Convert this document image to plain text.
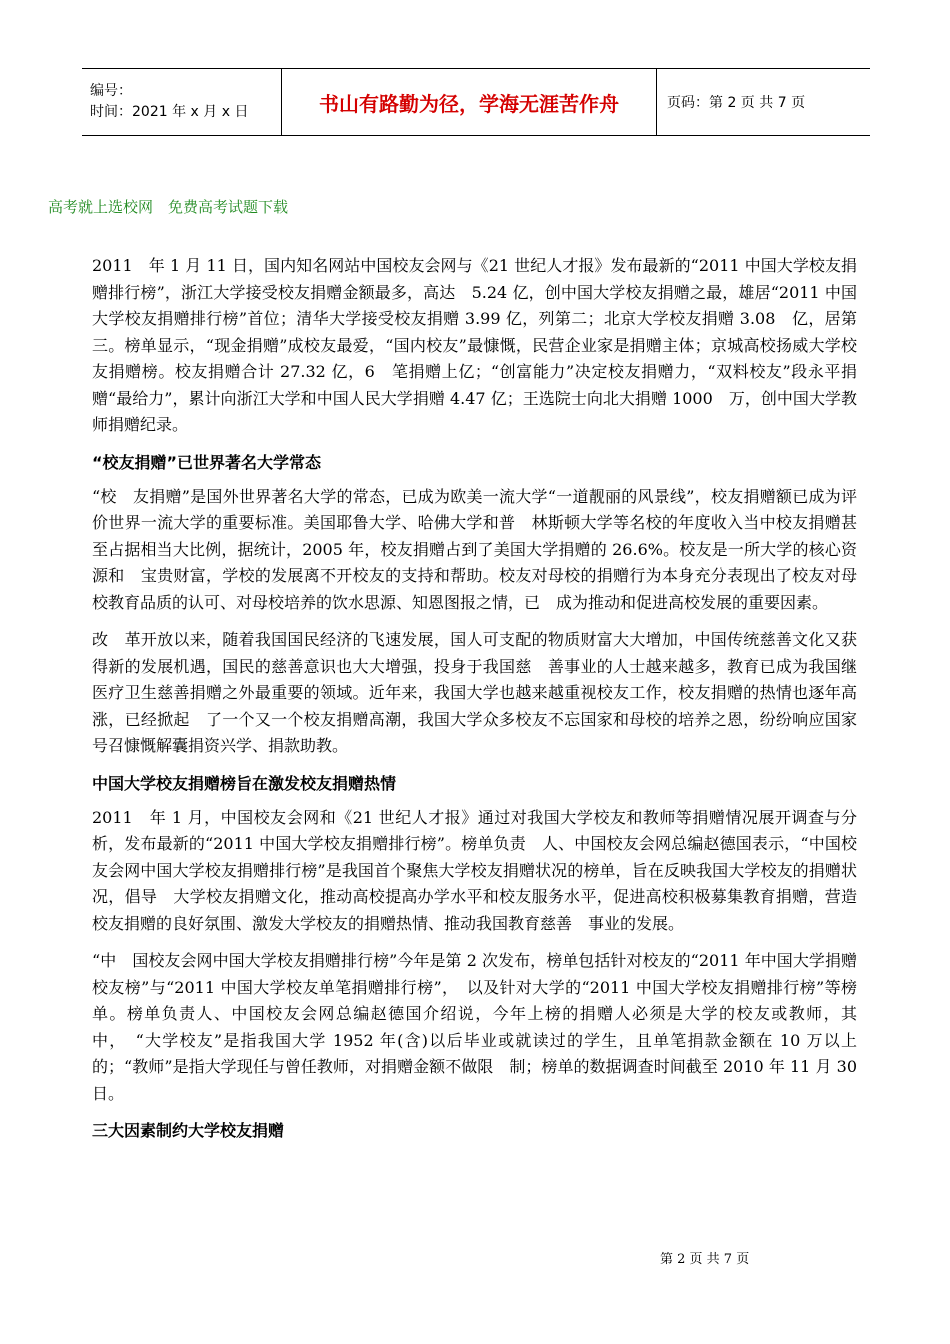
编号：
时间：2021 年 x 月 x 日	书山有路勤为径，学海无涯苦作舟	页码：第 2 页 共 7 页
高考就上选校网　免费高考试题下载

2011　年 1 月 11 日，国内知名网站中国校友会网与《21 世纪人才报》发布最新的“2011 中国大学校友捐赠排行榜”，浙江大学接受校友捐赠金额最多，高达　5.24 亿，创中国大学校友捐赠之最，雄居“2011 中国大学校友捐赠排行榜”首位；清华大学接受校友捐赠 3.99 亿，列第二；北京大学校友捐赠 3.08　亿，居第三。榜单显示，“现金捐赠”成校友最爱，“国内校友”最慷慨，民营企业家是捐赠主体；京城高校扬威大学校友捐赠榜。校友捐赠合计 27.32 亿，6　笔捐赠上亿；“创富能力”决定校友捐赠力，“双料校友”段永平捐赠“最给力”，累计向浙江大学和中国人民大学捐赠 4.47 亿；王选院士向北大捐赠 1000　万，创中国大学教师捐赠纪录。

“校友捐赠”已世界著名大学常态

“校　友捐赠”是国外世界著名大学的常态，已成为欧美一流大学“一道靓丽的风景线”，校友捐赠额已成为评价世界一流大学的重要标准。美国耶鲁大学、哈佛大学和普　林斯顿大学等名校的年度收入当中校友捐赠甚至占据相当大比例，据统计，2005 年，校友捐赠占到了美国大学捐赠的 26.6%。校友是一所大学的核心资源和　宝贵财富，学校的发展离不开校友的支持和帮助。校友对母校的捐赠行为本身充分表现出了校友对母校教育品质的认可、对母校培养的饮水思源、知恩图报之情，已　成为推动和促进高校发展的重要因素。

改　革开放以来，随着我国国民经济的飞速发展，国人可支配的物质财富大大增加，中国传统慈善文化又获得新的发展机遇，国民的慈善意识也大大增强，投身于我国慈　善事业的人士越来越多，教育已成为我国继医疗卫生慈善捐赠之外最重要的领域。近年来，我国大学也越来越重视校友工作，校友捐赠的热情也逐年高涨，已经掀起　了一个又一个校友捐赠高潮，我国大学众多校友不忘国家和母校的培养之恩，纷纷响应国家号召慷慨解囊捐资兴学、捐款助教。

中国大学校友捐赠榜旨在激发校友捐赠热情

2011　年 1 月，中国校友会网和《21 世纪人才报》通过对我国大学校友和教师等捐赠情况展开调查与分析，发布最新的“2011 中国大学校友捐赠排行榜”。榜单负责　人、中国校友会网总编赵德国表示，“中国校友会网中国大学校友捐赠排行榜”是我国首个聚焦大学校友捐赠状况的榜单，旨在反映我国大学校友的捐赠状况，倡导　大学校友捐赠文化，推动高校提高办学水平和校友服务水平，促进高校积极募集教育捐赠，营造校友捐赠的良好氛围、激发大学校友的捐赠热情、推动我国教育慈善　事业的发展。

“中　国校友会网中国大学校友捐赠排行榜”今年是第 2 次发布，榜单包括针对校友的“2011 年中国大学捐赠校友榜”与“2011 中国大学校友单笔捐赠排行榜”，　以及针对大学的“2011 中国大学校友捐赠排行榜”等榜单。榜单负责人、中国校友会网总编赵德国介绍说，今年上榜的捐赠人必须是大学的校友或教师，其中，　“大学校友”是指我国大学 1952 年(含)以后毕业或就读过的学生，且单笔捐款金额在 10 万以上的；“教师”是指大学现任与曾任教师，对捐赠金额不做限　制；榜单的数据调查时间截至 2010 年 11 月 30 日。

三大因素制约大学校友捐赠
第 2 页 共 7 页
